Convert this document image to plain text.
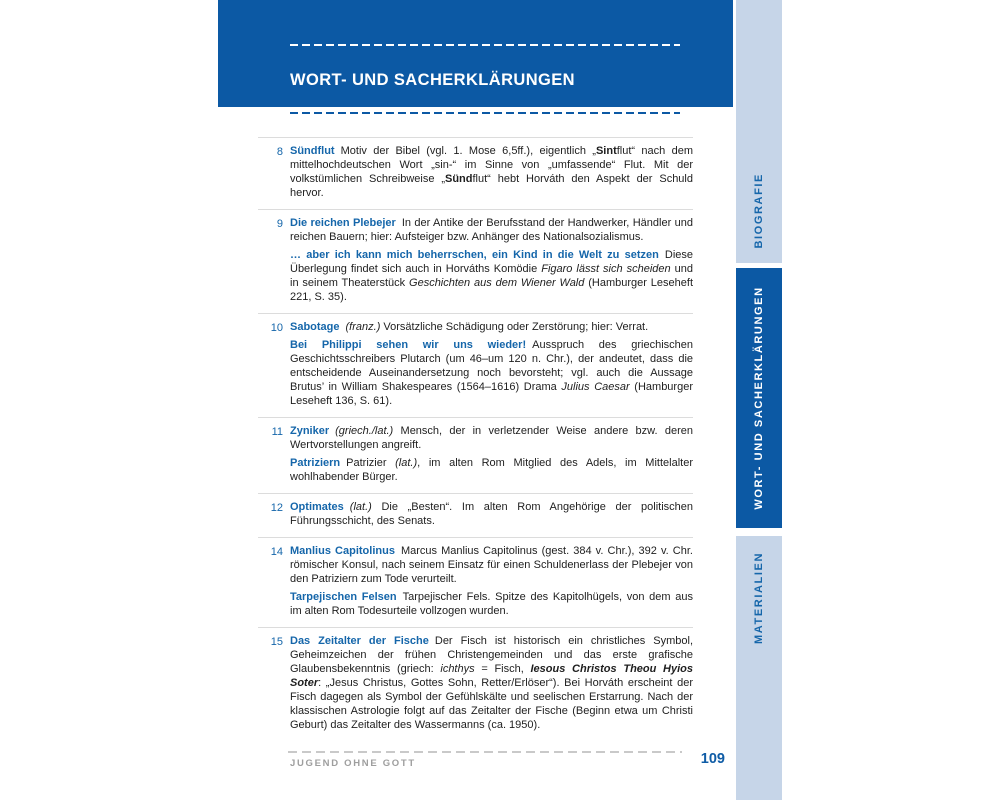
WORT- UND SACHERKLÄRUNGEN
8 Sündflut Motiv der Bibel (vgl. 1. Mose 6,5ff.), eigentlich „Sintflut“ nach dem mittelhochdeutschen Wort „sin-“ im Sinne von „umfassende“ Flut. Mit der volkstümlichen Schreibweise „Sündflut“ hebt Horváth den Aspekt der Schuld hervor.

9 Die reichen Plebejer In der Antike der Berufsstand der Handwerker, Händler und reichen Bauern; hier: Aufsteiger bzw. Anhänger des Nationalsozialismus.

… aber ich kann mich beherrschen, ein Kind in die Welt zu setzen Diese Überlegung findet sich auch in Horváths Komödie Figaro lässt sich scheiden und in seinem Theaterstück Geschichten aus dem Wiener Wald (Hamburger Leseheft 221, S. 35).

10 Sabotage (franz.) Vorsätzliche Schädigung oder Zerstörung; hier: Verrat.

Bei Philippi sehen wir uns wieder! Ausspruch des griechischen Geschichtsschreibers Plutarch (um 46–um 120 n. Chr.), der andeutet, dass die entscheidende Auseinandersetzung noch bevorsteht; vgl. auch die Aussage Brutus’ in William Shakespeares (1564–1616) Drama Julius Caesar (Hamburger Leseheft 136, S. 61).

11 Zyniker (griech./lat.) Mensch, der in verletzender Weise andere bzw. deren Wertvorstellungen angreift.

Patriziern Patrizier (lat.), im alten Rom Mitglied des Adels, im Mittelalter wohlhabender Bürger.

12 Optimates (lat.) Die „Besten“. Im alten Rom Angehörige der politischen Führungsschicht, des Senats.

14 Manlius Capitolinus Marcus Manlius Capitolinus (gest. 384 v. Chr.), 392 v. Chr. römischer Konsul, nach seinem Einsatz für einen Schuldenerlass der Plebejer von den Patriziern zum Tode verurteilt.

Tarpejischen Felsen Tarpejischer Fels. Spitze des Kapitolhügels, von dem aus im alten Rom Todesurteile vollzogen wurden.

15 Das Zeitalter der Fische Der Fisch ist historisch ein christliches Symbol, Geheimzeichen der frühen Christengemeinden und das erste grafische Glaubensbekenntnis (griech: ichthys = Fisch, Iesous Christos Theou Hyios Soter: „Jesus Christus, Gottes Sohn, Retter/Erlöser“). Bei Horváth erscheint der Fisch dagegen als Symbol der Gefühlskälte und seelischen Erstarrung. Nach der klassischen Astrologie folgt auf das Zeitalter der Fische (Beginn etwa um Christi Geburt) das Zeitalter des Wassermanns (ca. 1950).

BIOGRAFIE
WORT- UND SACHERKLÄRUNGEN
MATERIALIEN
JUGEND OHNE GOTT	109
